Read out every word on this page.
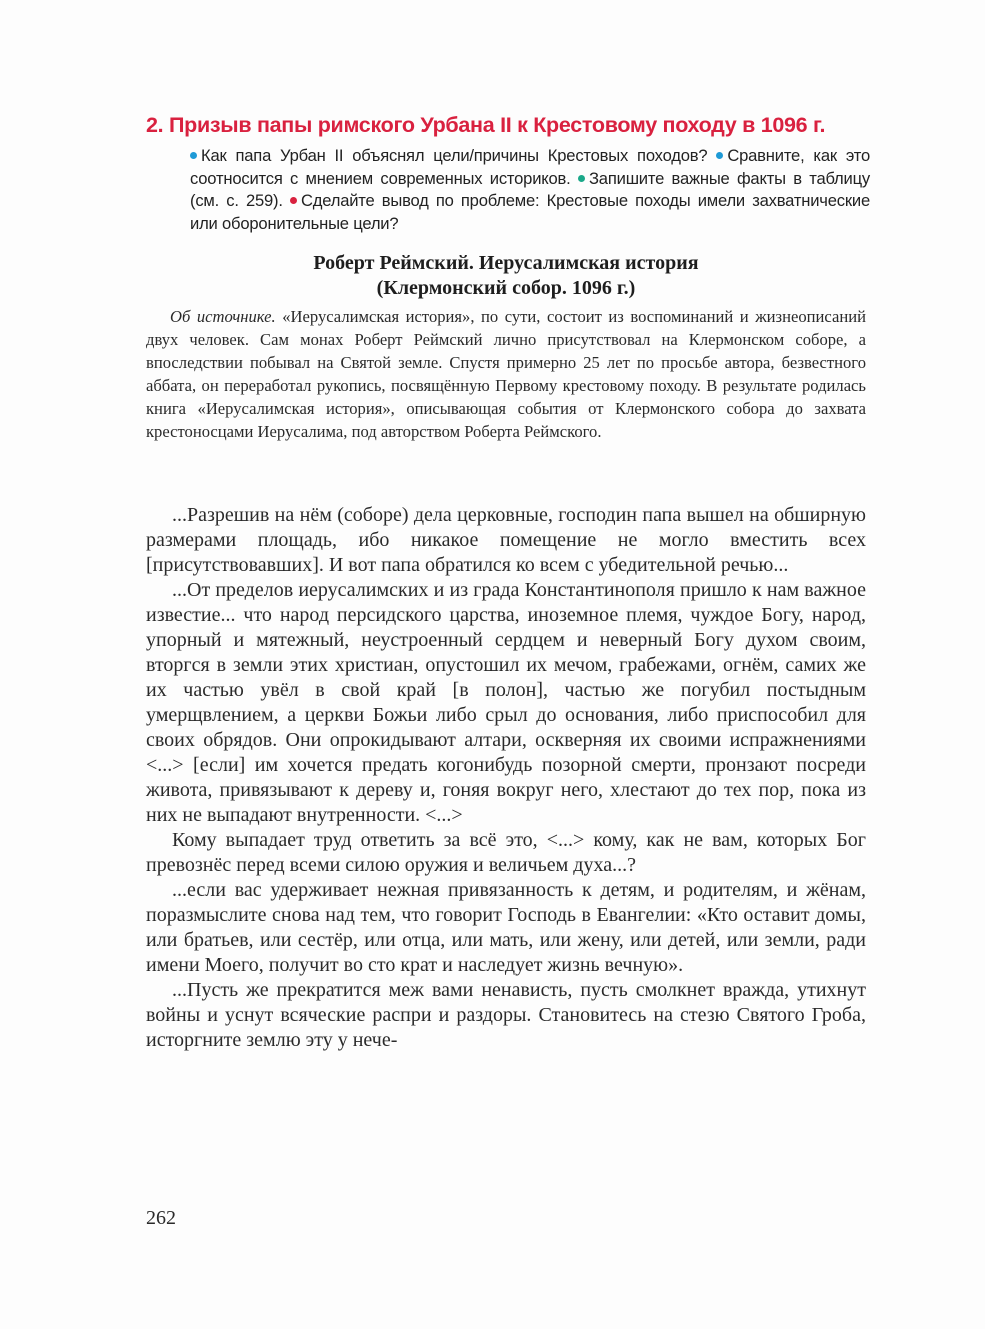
2. Призыв папы римского Урбана II к Крестовому походу в 1096 г.
Как папа Урбан II объяснял цели/причины Крестовых походов? Сравните, как это соотносится с мнением современных историков. Запишите важные факты в таблицу (см. с. 259). Сделайте вывод по проблеме: Крестовые походы имели захватнические или оборонительные цели?
Роберт Реймский. Иерусалимская история
(Клермонский собор. 1096 г.)

Об источнике. «Иерусалимская история», по сути, состоит из воспоминаний и жизнеописаний двух человек. Сам монах Роберт Реймский лично присутствовал на Клермонском соборе, а впоследствии побывал на Святой земле. Спустя примерно 25 лет по просьбе автора, безвестного аббата, он переработал рукопись, посвящённую Первому крестовому походу. В результате родилась книга «Иерусалимская история», описывающая события от Клермонского собора до захвата крестоносцами Иерусалима, под авторством Роберта Реймского.

...Разрешив на нём (соборе) дела церковные, господин папа вышел на обширную размерами площадь, ибо никакое помещение не могло вместить всех [присутствовавших]. И вот папа обратился ко всем с убедительной речью...

...От пределов иерусалимских и из града Константинополя пришло к нам важное известие... что народ персидского царства, иноземное племя, чуждое Богу, народ, упорный и мятежный, неустроенный сердцем и неверный Богу духом своим, вторгся в земли этих христиан, опустошил их мечом, грабежами, огнём, самих же их частью увёл в свой край [в полон], частью же погубил постыдным умерщвлением, а церкви Божьи либо срыл до основания, либо приспособил для своих обрядов. Они опрокидывают алтари, оскверняя их своими испражнениями <...> [если] им хочется предать когонибудь позорной смерти, пронзают посреди живота, привязывают к дереву и, гоняя вокруг него, хлестают до тех пор, пока из них не выпадают внутренности. <...>

Кому выпадает труд ответить за всё это, <...> кому, как не вам, которых Бог превознёс перед всеми силою оружия и величьем духа...?

...если вас удерживает нежная привязанность к детям, и родителям, и жёнам, поразмыслите снова над тем, что говорит Господь в Евангелии: «Кто оставит домы, или братьев, или сестёр, или отца, или мать, или жену, или детей, или земли, ради имени Моего, получит во сто крат и наследует жизнь вечную».

...Пусть же прекратится меж вами ненависть, пусть смолкнет вражда, утихнут войны и уснут всяческие распри и раздоры. Становитесь на стезю Святого Гроба, исторгните землю эту у нече-

262
